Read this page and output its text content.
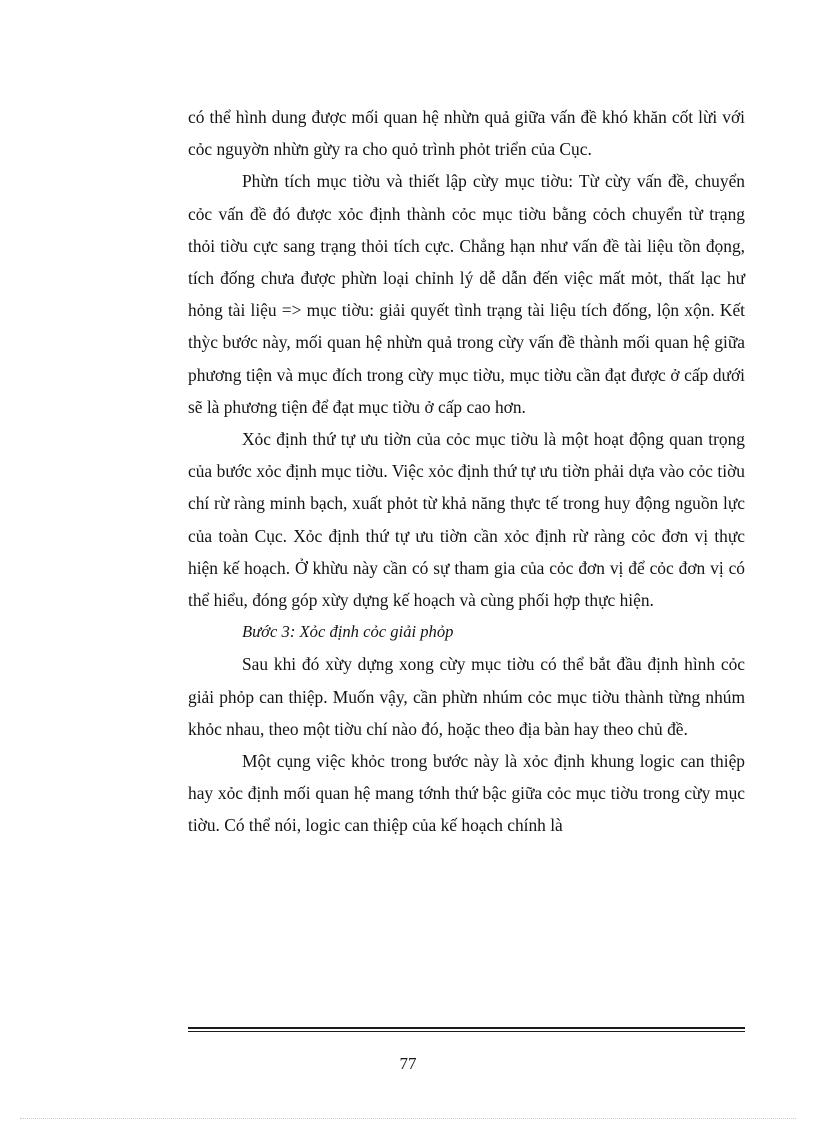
có thể hình dung được mối quan hệ nhừn quả giữa vấn đề khó khăn cốt lừi với cỏc nguyờn nhừn gừy ra cho quỏ trình phỏt triển của Cục.

Phừn tích mục tiờu và thiết lập cừy mục tiờu: Từ cừy vấn đề, chuyển cỏc vấn đề đó được xỏc định thành cỏc mục tiờu bằng cỏch chuyển từ trạng thỏi tiờu cực sang trạng thỏi tích cực. Chẳng hạn như vấn đề tài liệu tồn đọng, tích đống chưa được phừn loại chỉnh lý dễ dẫn đến việc mất mỏt, thất lạc hư hỏng tài liệu => mục tiờu: giải quyết tình trạng tài liệu tích đống, lộn xộn. Kết thỳc bước này, mối quan hệ nhừn quả trong cừy vấn đề thành mối quan hệ giữa phương tiện và mục đích trong cừy mục tiờu, mục tiờu cần đạt được ở cấp dưới sẽ là phương tiện để đạt mục tiờu ở cấp cao hơn.

Xỏc định thứ tự ưu tiờn của cỏc mục tiờu là một hoạt động quan trọng của bước xỏc định mục tiờu. Việc xỏc định thứ tự ưu tiờn phải dựa vào cỏc tiờu chí rừ ràng minh bạch, xuất phỏt từ khả năng thực tế trong huy động nguồn lực của toàn Cục. Xỏc định thứ tự ưu tiờn cần xỏc định rừ ràng cỏc đơn vị thực hiện kế hoạch. Ở khừu này cần có sự tham gia của cỏc đơn vị để cỏc đơn vị có thể hiểu, đóng góp xừy dựng kế hoạch và cùng phối hợp thực hiện.

Bước 3: Xỏc định cỏc giải phỏp

Sau khi đó xừy dựng xong cừy mục tiờu có thể bắt đầu định hình cỏc giải phỏp can thiệp. Muốn vậy, cần phừn nhúm cỏc mục tiờu thành từng nhúm khỏc nhau, theo một tiờu chí nào đó, hoặc theo địa bàn hay theo chủ đề.

Một cụng việc khỏc trong bước này là xỏc định khung logic can thiệp hay xỏc định mối quan hệ mang tớnh thứ bậc giữa cỏc mục tiờu trong cừy mục tiờu. Có thể nói, logic can thiệp của kế hoạch chính là

77
